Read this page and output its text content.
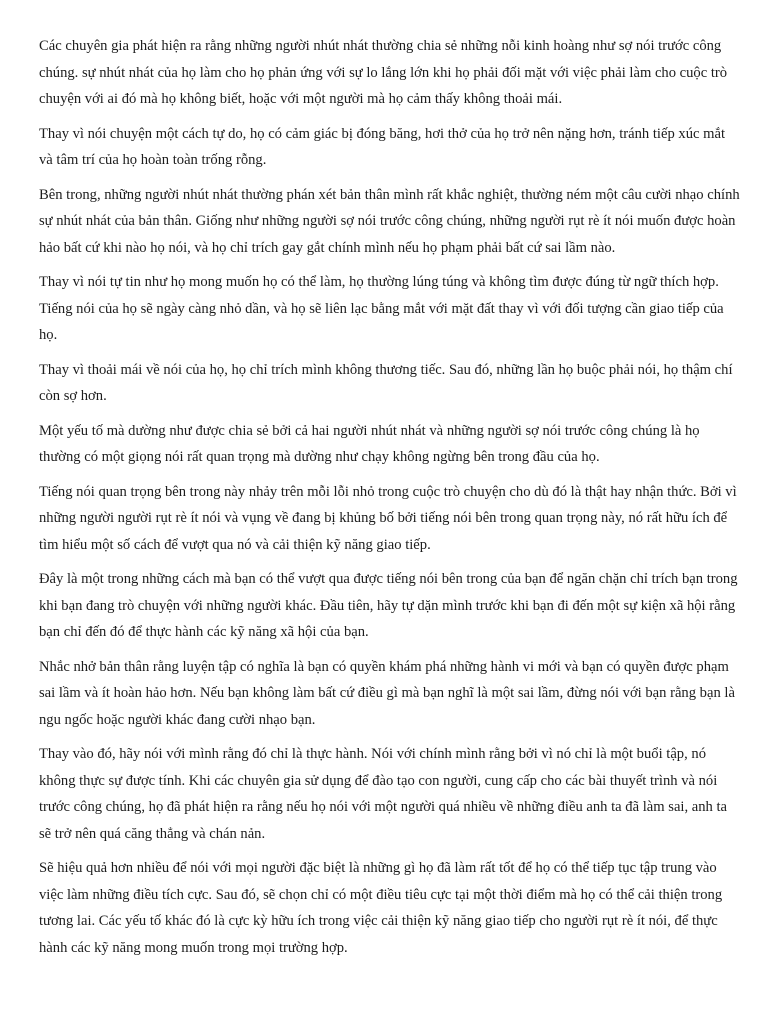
Các chuyên gia phát hiện ra rằng những người nhút nhát thường chia sẻ những nỗi kinh hoàng như sợ nói trước công chúng. sự nhút nhát của họ làm cho họ phản ứng với sự lo lắng lớn khi họ phải đối mặt với việc phải làm cho cuộc trò chuyện với ai đó mà họ không biết, hoặc với một người mà họ cảm thấy không thoải mái.

Thay vì nói chuyện một cách tự do, họ có cảm giác bị đóng băng, hơi thở của họ trở nên nặng hơn, tránh tiếp xúc mắt và tâm trí của họ hoàn toàn trống rỗng.

Bên trong, những người nhút nhát thường phán xét bản thân mình rất khắc nghiệt, thường ném một câu cười nhạo chính sự nhút nhát của bản thân. Giống như những người sợ nói trước công chúng, những người rụt rè ít nói muốn được hoàn hảo bất cứ khi nào họ nói, và họ chỉ trích gay gắt chính mình nếu họ phạm phải bất cứ sai lầm nào.

Thay vì nói tự tin như họ mong muốn họ có thể làm, họ thường lúng túng và không tìm được đúng từ ngữ thích hợp. Tiếng nói của họ sẽ ngày càng nhỏ dần, và họ sẽ liên lạc bằng mắt với mặt đất thay vì với đối tượng cần giao tiếp của họ.

Thay vì thoải mái về nói của họ, họ chỉ trích mình không thương tiếc. Sau đó, những lần họ buộc phải nói, họ thậm chí còn sợ hơn.

Một yếu tố mà dường như được chia sẻ bởi cả hai người nhút nhát và những người sợ nói trước công chúng là họ thường có một giọng nói rất quan trọng mà dường như chạy không ngừng bên trong đầu của họ.

Tiếng nói quan trọng bên trong này nhảy trên mỗi lỗi nhỏ trong cuộc trò chuyện cho dù đó là thật hay nhận thức. Bởi vì những người người rụt rè ít nói và vụng về đang bị khủng bố bởi tiếng nói bên trong quan trọng này, nó rất hữu ích để tìm hiểu một số cách để vượt qua nó và cải thiện kỹ năng giao tiếp.

Đây là một trong những cách mà bạn có thể vượt qua được tiếng nói bên trong của bạn để ngăn chặn chỉ trích bạn trong khi bạn đang trò chuyện với những người khác. Đầu tiên, hãy tự dặn mình trước khi bạn đi đến một sự kiện xã hội rằng bạn chỉ đến đó để thực hành các kỹ năng xã hội của bạn.

Nhắc nhở bản thân rằng luyện tập có nghĩa là bạn có quyền khám phá những hành vi mới và bạn có quyền được phạm sai lầm và ít hoàn hảo hơn. Nếu bạn không làm bất cứ điều gì mà bạn nghĩ là một sai lầm, đừng nói với bạn rằng bạn là ngu ngốc hoặc người khác đang cười nhạo bạn.

Thay vào đó, hãy nói với mình rằng đó chỉ là thực hành. Nói với chính mình rằng bởi vì nó chỉ là một buổi tập, nó không thực sự được tính. Khi các chuyên gia sử dụng để đào tạo con người, cung cấp cho các bài thuyết trình và nói trước công chúng, họ đã phát hiện ra rằng nếu họ nói với một người quá nhiều về những điều anh ta đã làm sai, anh ta sẽ trở nên quá căng thẳng và chán nản.

Sẽ hiệu quả hơn nhiều để nói với mọi người đặc biệt là những gì họ đã làm rất tốt để họ có thể tiếp tục tập trung vào việc làm những điều tích cực. Sau đó, sẽ chọn chỉ có một điều tiêu cực tại một thời điểm mà họ có thể cải thiện trong tương lai. Các yếu tố khác đó là cực kỳ hữu ích trong việc cải thiện kỹ năng giao tiếp cho người rụt rè ít nói, để thực hành các kỹ năng mong muốn trong mọi trường hợp.
